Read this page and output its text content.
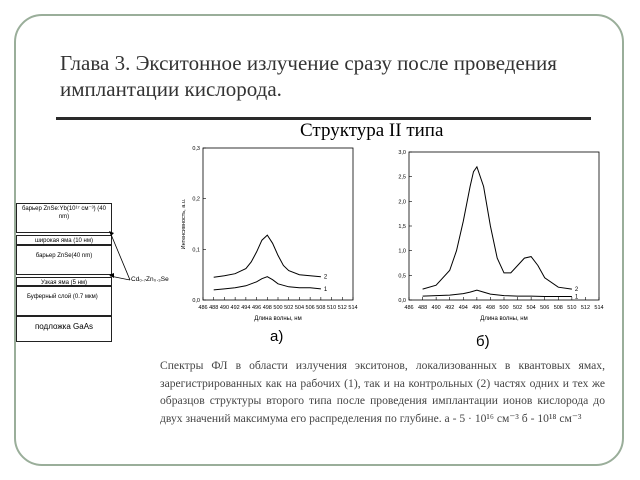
Глава 3. Экситонное излучение сразу после проведения имплантации кислорода.
Структура II типа
барьер ZnSe:Yb(10¹⁷ см⁻³) (40 nm)
широкая яма (10 нм)
барьер ZnSe(40 nm)
Узкая яма (5 нм)
Буферный слой (0.7 мкм)
подложка GaAs
Cd₀.₇Zn₀.₃Se
486 488 490 492 494 496 498 500 502 504 506 508 510 512 514
0,0
0,1
0,2
0,3
Длина волны, нм
Интенсивность, а.u.
1
2
486 488 490 492 494 496 498 500 502 504 506 508 510 512 514
0,0
0,5
1,0
1,5
2,0
2,5
3,0
Длина волны, нм
1
2
а)	б)
Спектры ФЛ в области излучения экситонов, локализованных в квантовых ямах, зарегистрированных как на рабочих (1), так и на контрольных (2) частях одних и тех же образцов структуры второго типа после проведения имплантации ионов кислорода до двух значений максимума его распределения по глубине. а - 5 · 10¹⁶ см⁻³ б - 10¹⁸ см⁻³
